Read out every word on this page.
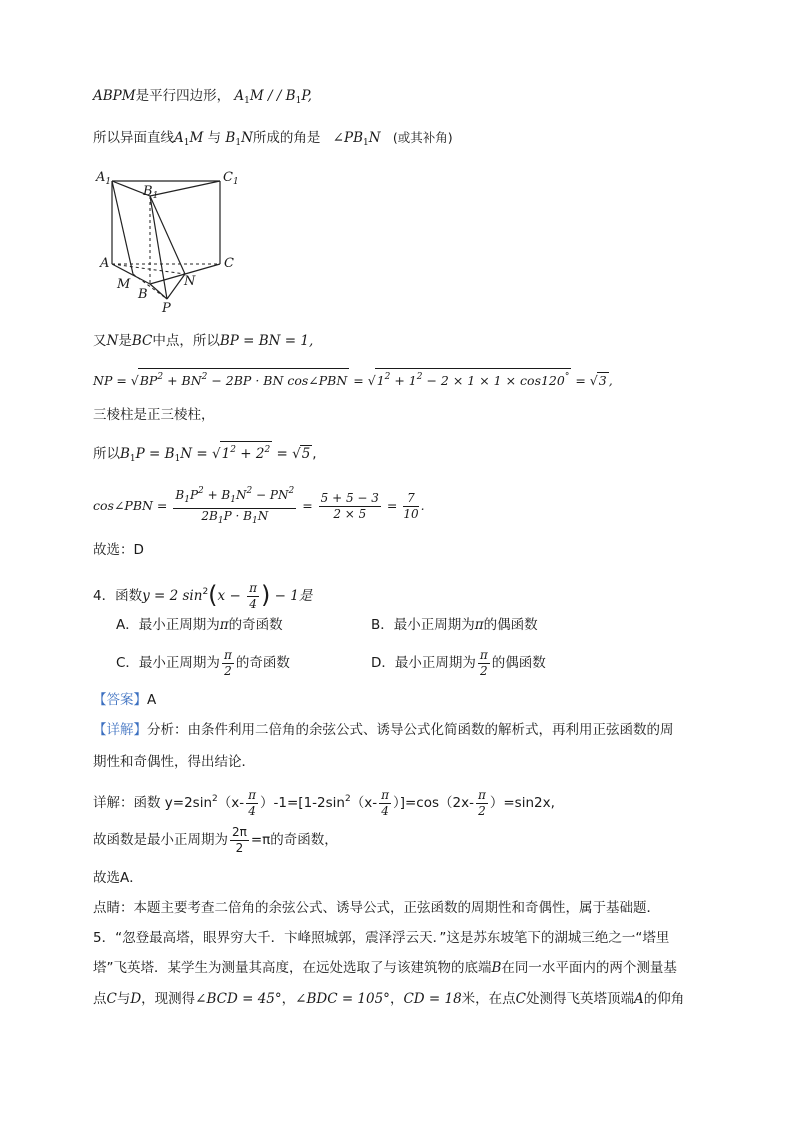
ABPM是平行四边形， $A_1M$ / / $B_1P$,
所以异面直线$A_1M$ 与 $B_1N$所成的角是 $\angle PB_1N$ (或其补角)
$A_1$
$B_1$
$C_1$
A	C
M
B
N
P
又N是BC中点，所以BP = BN = 1,
NP = $√BP^2 + BN^2 - 2BP$ · BN cos∠PBN = $√1^2 + 1^2 - 2 \times 1 \times 1 \times \cos 120^\circ = √3$ ,
三棱柱是正三棱柱，
所以$B_1P = B_1N = √1^2 + 2^2 = √5$ ,
cos∠PBN = $\frac{B_1P^2 + B_1N^2 - PN^2}{2B_1P \cdot B_1N} = \frac{5 + 5 - 3}{2 \times 5} = \frac{7}{10}$ .
故选：D
4．函数y = 2 $\sin^2(x - \frac{\pi}{4}$ ) − 1是
A．最小正周期为π的奇函数	B．最小正周期为π的偶函数
C．最小正周期为 $\frac{\pi}{2}$ 的奇函数	D．最小正周期为 $\frac{\pi}{2}$ 的偶函数
【答案】A
【详解】分析：由条件利用二倍角的余弦公式、诱导公式化简函数的解析式，再利用正弦函数的周
期性和奇偶性，得出结论．
详解：函数 $y=2\sin^2(x- \frac{\pi}{4} )-1=[1-2\sin^2(x- \frac{\pi}{4} )]=\cos(2x- \frac{\pi}{2} )=\sin 2x$,
故函数是最小正周期为 $\frac{2\pi}{2} =\pi$的奇函数，
故选A．
点睛：本题主要考查二倍角的余弦公式、诱导公式，正弦函数的周期性和奇偶性，属于基础题．
5．“忽登最高塔，眼界穷大千．卞峰照城郭，震泽浮云天．”这是苏东坡笔下的湖城三绝之一“塔里
塔”飞英塔．某学生为测量其高度，在远处选取了与该建筑物的底端B在同一水平面内的两个测量基
点C与D，现测得∠BCD = 45°，∠BDC = 105°，CD = 18米，在点C处测得飞英塔顶端A的仰角
